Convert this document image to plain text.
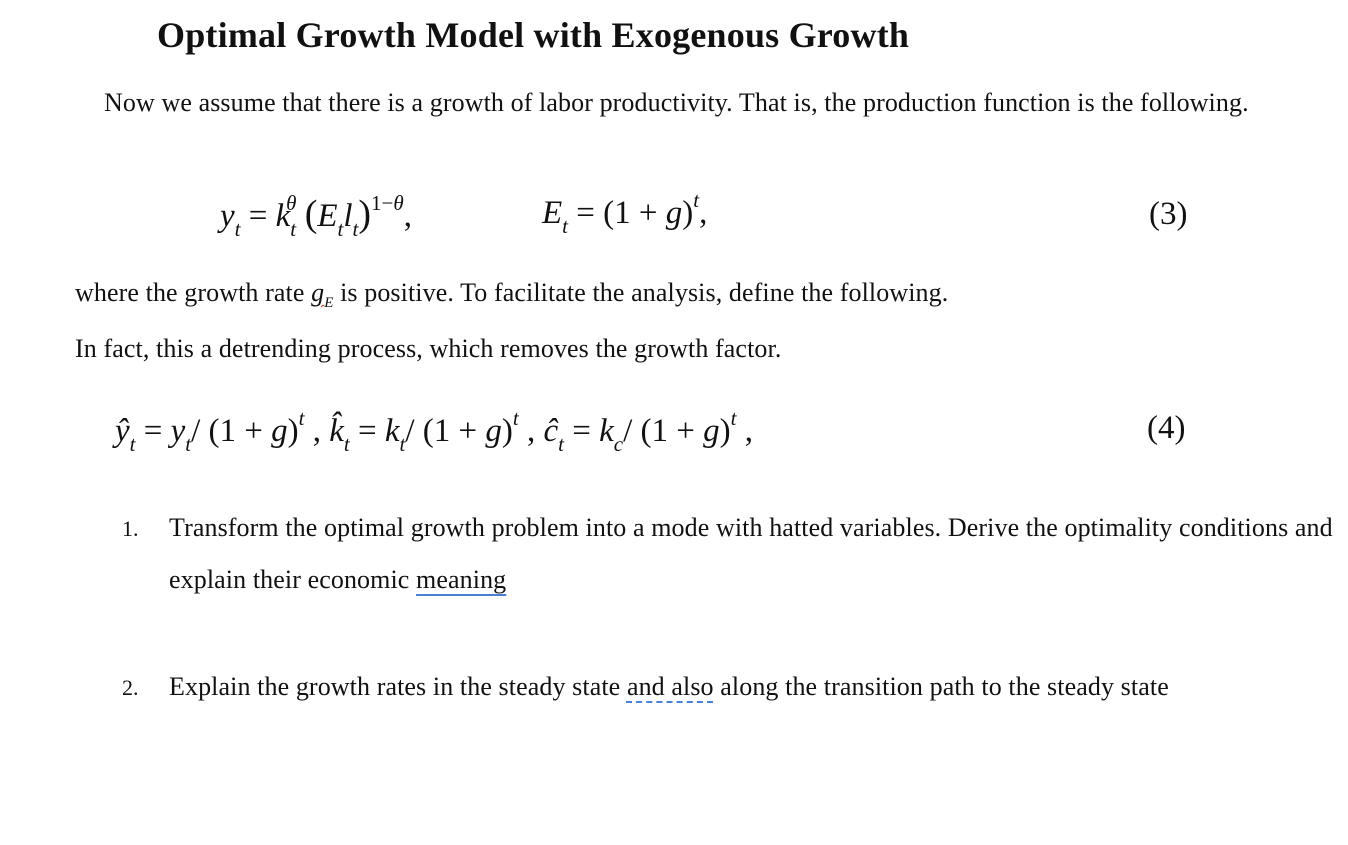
Optimal Growth Model with Exogenous Growth
Now we assume that there is a growth of labor productivity. That is, the production function is the following.
$y_t = k_t^\theta$ $(E_tl_t)^{1-\theta}$,	$E_t = (1 + g)^t$,	(3)
where the growth rate $g_E$ is positive. To facilitate the analysis, define the following.
In fact, this a detrending process, which removes the growth factor.
$ŷ_t = y_t/$ $(1 + g)^t$ , $k̂_t = k_t/$ $(1 + g)^t$ , $ĉ_t = k_c/$ $(1 + g)^t$ ,	(4)
1. Transform the optimal growth problem into a mode with hatted variables. Derive the optimality conditions and explain their economic meaning
2. Explain the growth rates in the steady state and also along the transition path to the steady state
